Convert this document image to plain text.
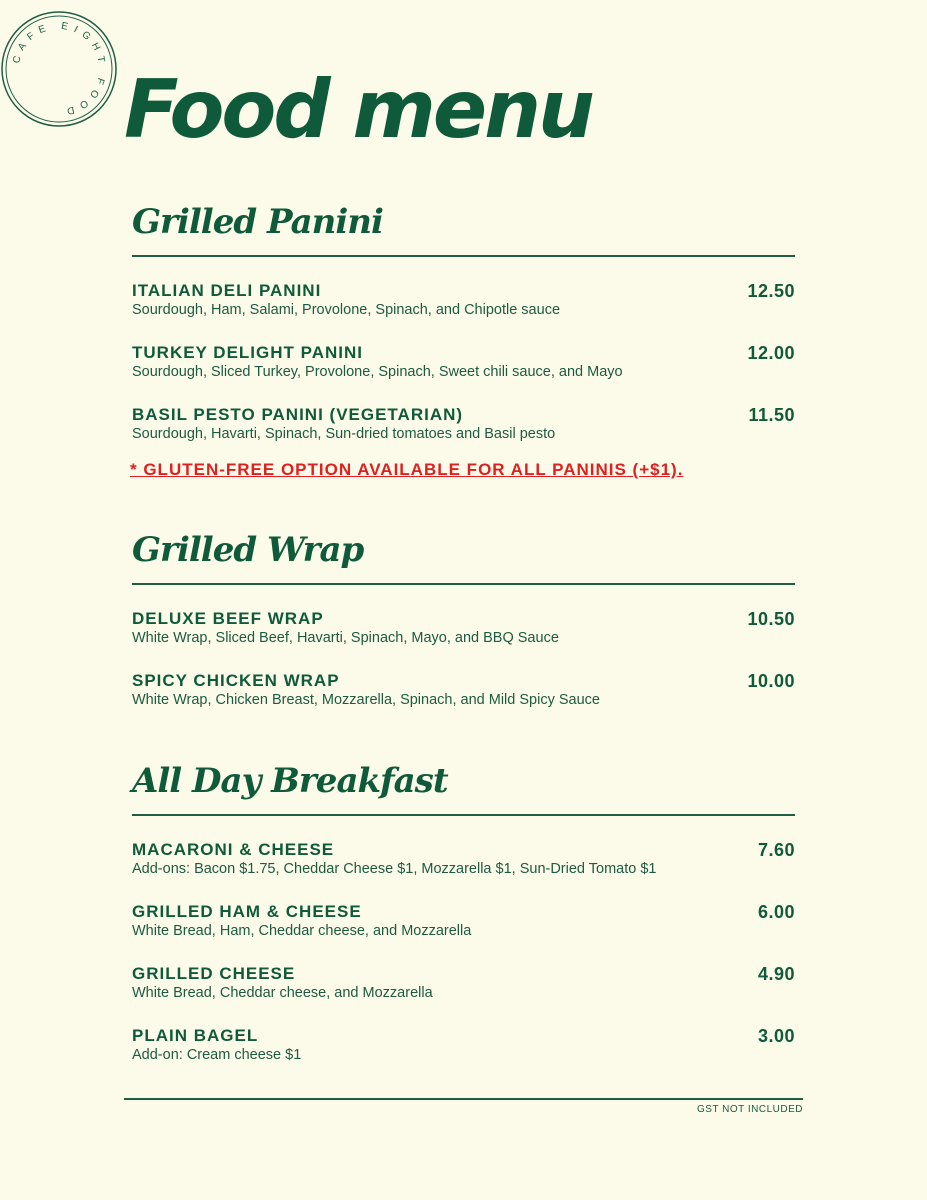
CAFE EIGHT FOOD Food menu
Grilled Panini
ITALIAN DELI PANINI
Sourdough, Ham, Salami, Provolone, Spinach, and Chipotle sauce
12.50
TURKEY DELIGHT PANINI
Sourdough, Sliced Turkey, Provolone, Spinach, Sweet chili sauce, and Mayo
12.00
BASIL PESTO PANINI (VEGETARIAN)
Sourdough, Havarti, Spinach, Sun-dried tomatoes and Basil pesto
11.50
* GLUTEN-FREE OPTION AVAILABLE FOR ALL PANINIS (+$1).
Grilled Wrap
DELUXE BEEF WRAP
White Wrap, Sliced Beef, Havarti, Spinach, Mayo, and BBQ Sauce
10.50
SPICY CHICKEN WRAP
White Wrap, Chicken Breast, Mozzarella, Spinach, and Mild Spicy Sauce
10.00
All Day Breakfast
MACARONI & CHEESE
Add-ons: Bacon $1.75, Cheddar Cheese $1, Mozzarella $1, Sun-Dried Tomato $1
7.60
GRILLED HAM & CHEESE
White Bread, Ham, Cheddar cheese, and Mozzarella
6.00
GRILLED CHEESE
White Bread, Cheddar cheese, and Mozzarella
4.90
PLAIN BAGEL
Add-on: Cream cheese $1
3.00
GST NOT INCLUDED
